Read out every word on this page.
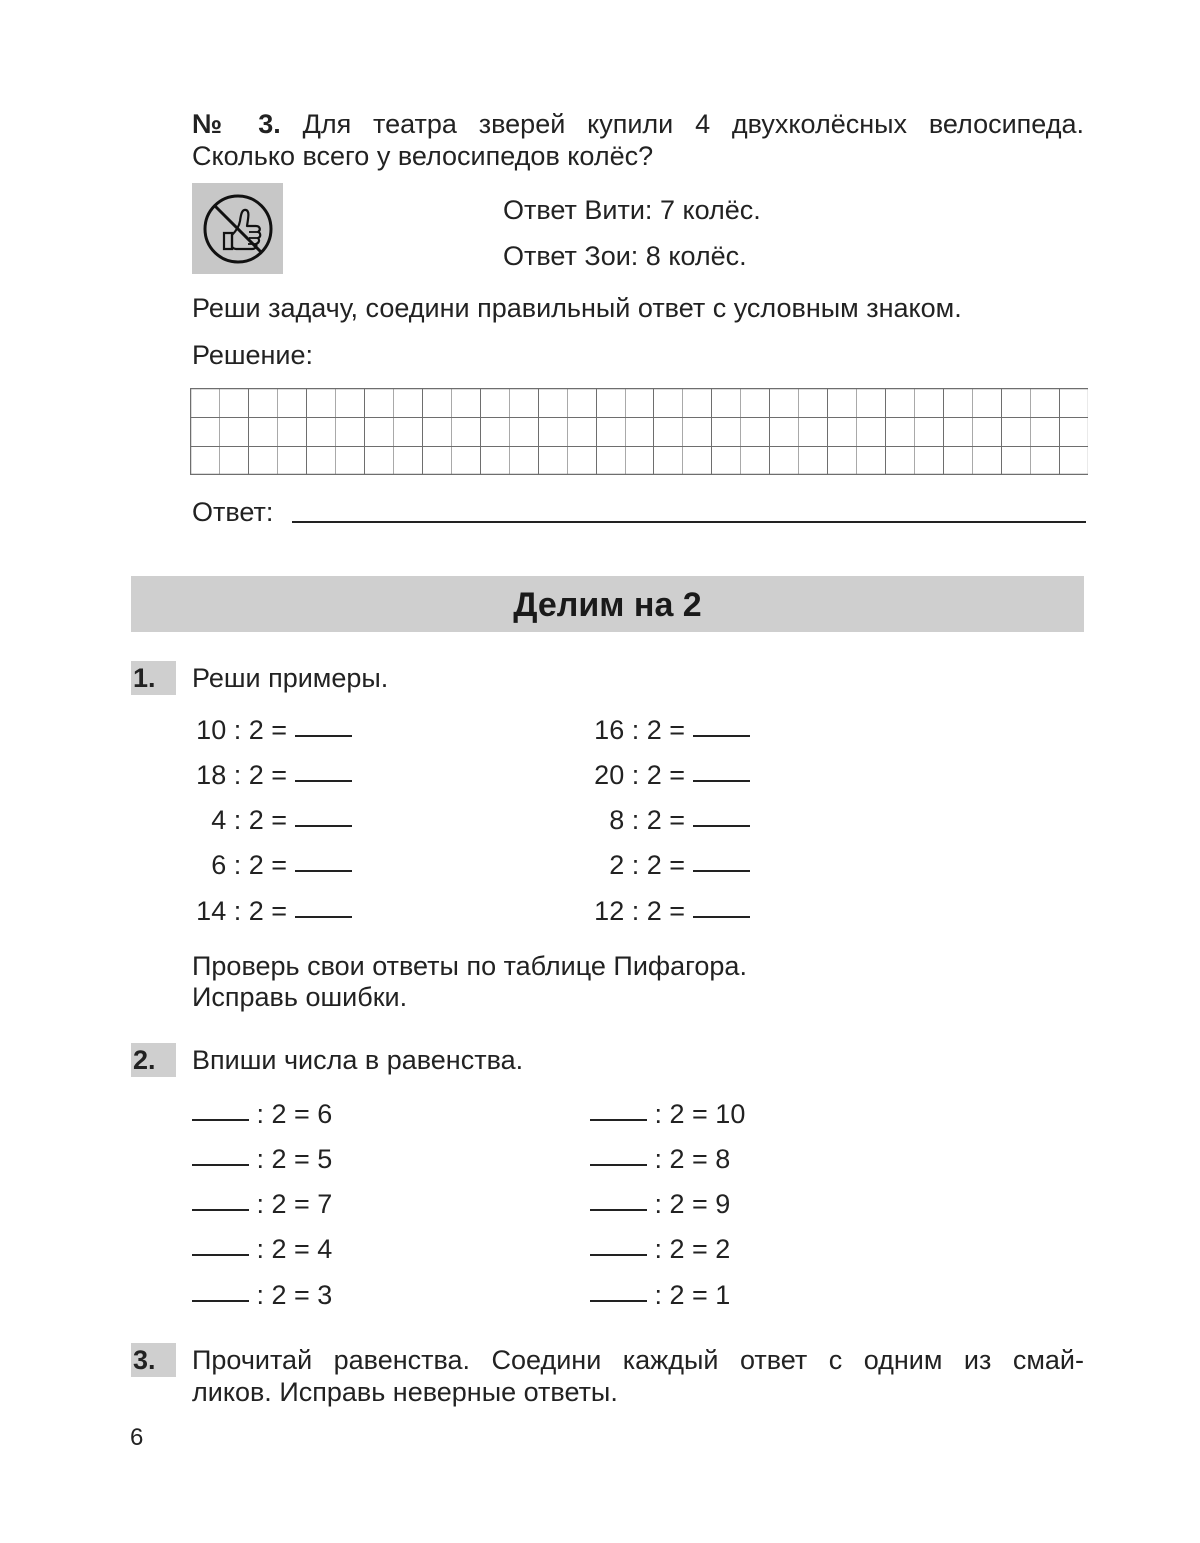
№ 3. Для театра зверей купили 4 двухколёсных велосипеда.
Сколько всего у велосипедов колёс?
Ответ Вити: 7 колёс.
Ответ Зои: 8 колёс.
Реши задачу, соедини правильный ответ с условным знаком.
Решение:
Ответ:
Делим на 2
1.	Реши примеры.
10 : 2 =
18 : 2 =
4 : 2 =
6 : 2 =
14 : 2 =
16 : 2 =
20 : 2 =
8 : 2 =
2 : 2 =
12 : 2 =
Проверь свои ответы по таблице Пифагора.
Исправь ошибки.
2.	Впиши числа в равенства.
: 2 = 6
: 2 = 5
: 2 = 7
: 2 = 4
: 2 = 3
: 2 = 10
: 2 = 8
: 2 = 9
: 2 = 2
: 2 = 1
3.	Прочитай равенства. Соедини каждый ответ с одним из смай-
ликов. Исправь неверные ответы.
6
